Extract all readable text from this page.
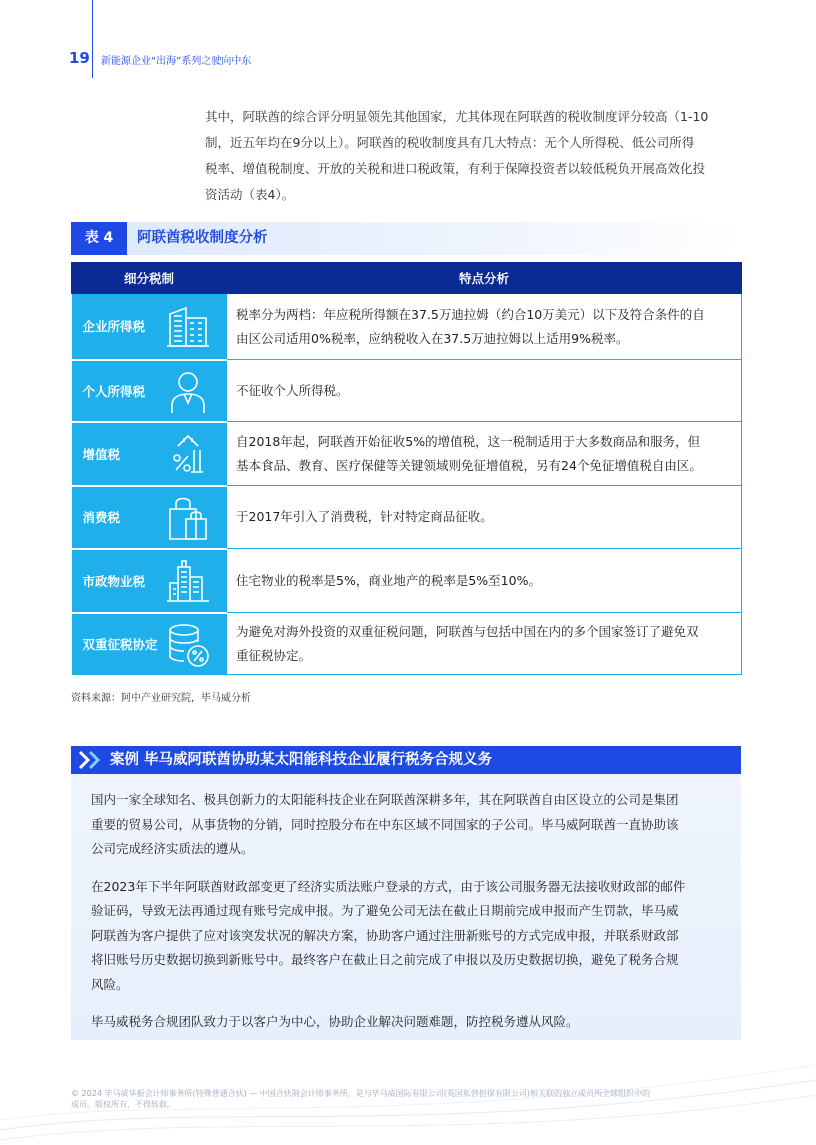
19 新能源企业“出海”系列之驶向中东

其中，阿联酋的综合评分明显领先其他国家，尤其体现在阿联酋的税收制度评分较高（1-10

制，近五年均在9分以上）。阿联酋的税收制度具有几大特点：无个人所得税、低公司所得

税率、增值税制度、开放的关税和进口税政策，有利于保障投资者以较低税负开展高效化投

资活动（表4）。

表 4	阿联酋税收制度分析
细分税制	特点分析
企业所得税	税率分为两档：年应税所得额在37.5万迪拉姆（约合10万美元）以下及符合条件的自
由区公司适用0%税率，应纳税收入在37.5万迪拉姆以上适用9%税率。

个人所得税	不征收个人所得税。

增值税	自2018年起，阿联酋开始征收5%的增值税，这一税制适用于大多数商品和服务，但
基本食品、教育、医疗保健等关键领域则免征增值税，另有24个免征增值税自由区。

消费税	于2017年引入了消费税，针对特定商品征收。

市政物业税	住宅物业的税率是5%，商业地产的税率是5%至10%。

双重征税协定	为避免对海外投资的双重征税问题，阿联酋与包括中国在内的多个国家签订了避免双
重征税协定。
资料来源：阿中产业研究院，毕马威分析
案例 毕马威阿联酋协助某太阳能科技企业履行税务合规义务

国内一家全球知名、极具创新力的太阳能科技企业在阿联酋深耕多年，其在阿联酋自由区设立的公司是集团
重要的贸易公司，从事货物的分销，同时控股分布在中东区域不同国家的子公司。毕马威阿联酋一直协助该
公司完成经济实质法的遵从。

在2023年下半年阿联酋财政部变更了经济实质法账户登录的方式，由于该公司服务器无法接收财政部的邮件
验证码，导致无法再通过现有账号完成申报。为了避免公司无法在截止日期前完成申报而产生罚款，毕马威
阿联酋为客户提供了应对该突发状况的解决方案，协助客户通过注册新账号的方式完成申报，并联系财政部
将旧账号历史数据切换到新账号中。最终客户在截止日之前完成了申报以及历史数据切换，避免了税务合规
风险。

毕马威税务合规团队致力于以客户为中心，协助企业解决问题难题，防控税务遵从风险。

© 2024 毕马威华振会计师事务所(特殊普通合伙) — 中国合伙制会计师事务所，是与毕马威国际有限公司(英国私营担保有限公司)相关联的独立成员所全球组织中的
成员。版权所有，不得转载。
